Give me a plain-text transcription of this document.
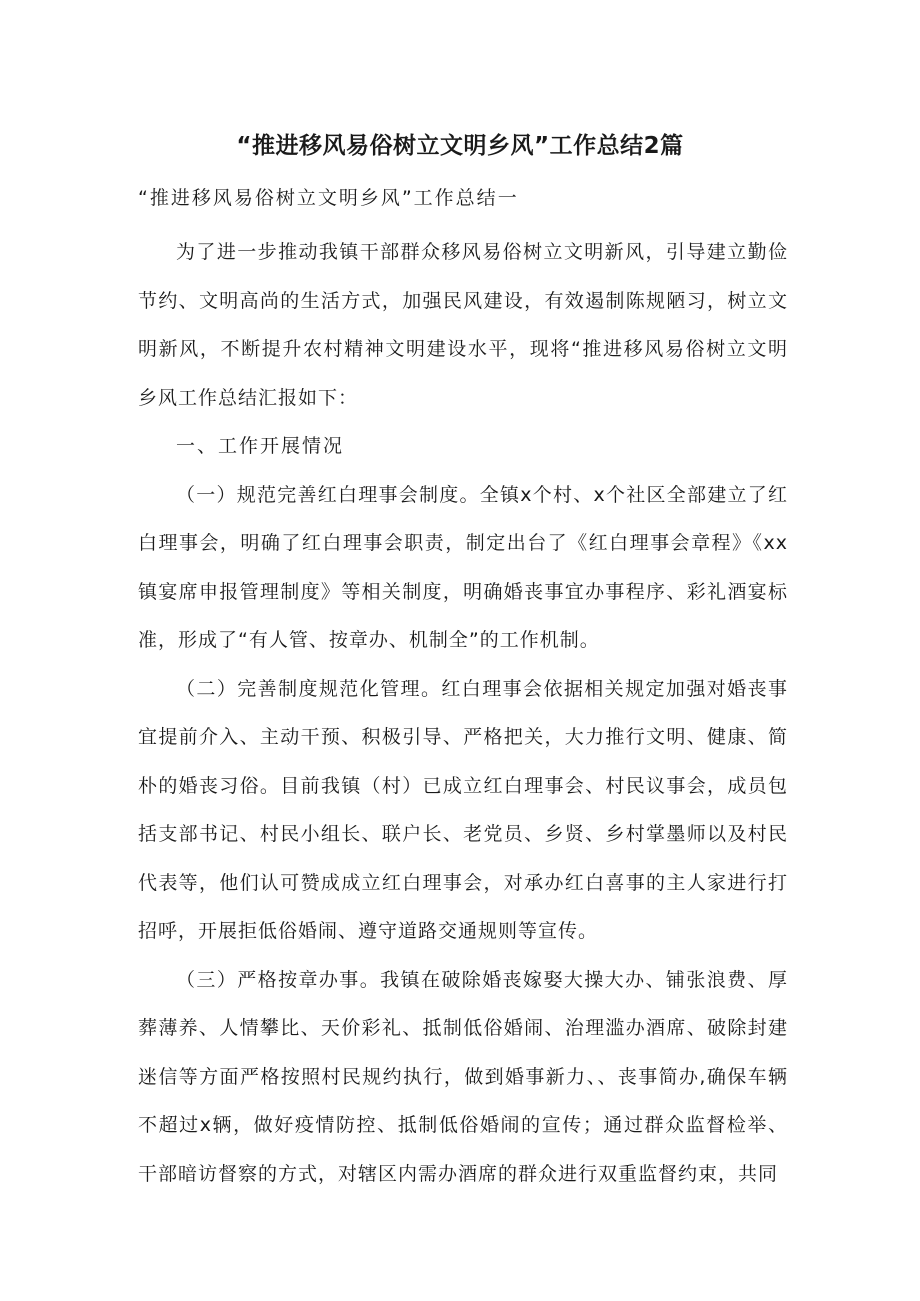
“推进移风易俗树立文明乡风”工作总结2篇

“推进移风易俗树立文明乡风”工作总结一

为了进一步推动我镇干部群众移风易俗树立文明新风，引导建立勤俭节约、文明高尚的生活方式，加强民风建设，有效遏制陈规陋习，树立文明新风，不断提升农村精神文明建设水平，现将“推进移风易俗树立文明乡风工作总结汇报如下：

一、工作开展情况

（一）规范完善红白理事会制度。全镇x个村、x个社区全部建立了红白理事会，明确了红白理事会职责，制定出台了《红白理事会章程》《xx镇宴席申报管理制度》等相关制度，明确婚丧事宜办事程序、彩礼酒宴标准，形成了“有人管、按章办、机制全”的工作机制。

（二）完善制度规范化管理。红白理事会依据相关规定加强对婚丧事宜提前介入、主动干预、积极引导、严格把关，大力推行文明、健康、简朴的婚丧习俗。目前我镇（村）已成立红白理事会、村民议事会，成员包括支部书记、村民小组长、联户长、老党员、乡贤、乡村掌墨师以及村民代表等，他们认可赞成成立红白理事会，对承办红白喜事的主人家进行打招呼，开展拒低俗婚闹、遵守道路交通规则等宣传。

（三）严格按章办事。我镇在破除婚丧嫁娶大操大办、铺张浪费、厚葬薄养、人情攀比、天价彩礼、抵制低俗婚闹、治理滥办酒席、破除封建迷信等方面严格按照村民规约执行，做到婚事新力、、丧事简办,确保车辆不超过x辆，做好疫情防控、抵制低俗婚闹的宣传；通过群众监督检举、干部暗访督察的方式，对辖区内需办酒席的群众进行双重监督约束，共同
